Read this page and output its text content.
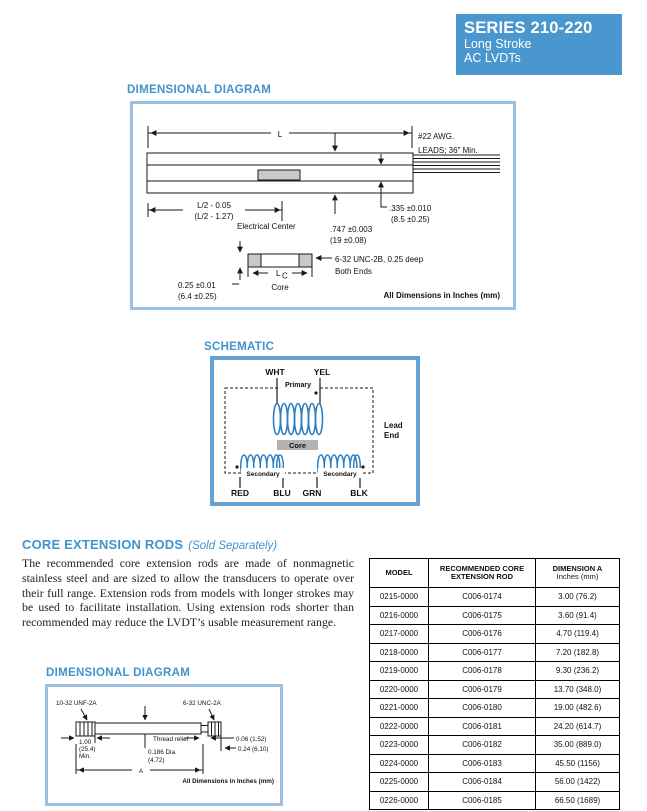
SERIES 210-220
Long Stroke
AC LVDTs
DIMENSIONAL DIAGRAM
L	#22 AWG.
LEADS; 36" Min.
.747 ±0.003
(19 ±0.08)
.335 ±0.010
(8.5 ±0.25)
L/2 - 0.05
(L/2 - 1.27)
Electrical Center
0.25 ±0.01
(6.4 ±0.25)
L C
Core
6-32 UNC-2B, 0.25 deep
Both Ends
All Dimensions in Inches (mm)
SCHEMATIC
WHT	YEL
Primary
Core
Secondary	Secondary
RED	BLU GRN	BLK
Lead
End
CORE EXTENSION RODS (Sold Separately)
The recommended core extension rods are made of nonmagnetic stainless steel and are sized to allow the transducers to operate over their full range. Extension rods from models with longer strokes may be used to facilitate installation. Using extension rods shorter than recommended may reduce the LVDT’s usable measurement range.
MODEL	RECOMMENDED CORE
EXTENSION ROD

DIMENSION A
Inches (mm)

0215-0000	C006-0174	3.00 (76.2)
0216-0000	C006-0175	3.60 (91.4)
0217-0000	C006-0176	4.70 (119.4)
0218-0000	C006-0177	7.20 (182.8)
0219-0000	C006-0178	9.30 (236.2)
0220-0000	C006-0179	13.70 (348.0)
0221-0000	C006-0180	19.00 (482.6)
0222-0000	C006-0181	24.20 (614.7)
0223-0000	C006-0182	35.00 (889.0)
0224-0000	C006-0183	45.50 (1156)
0225-0000	C006-0184	56.00 (1422)
0226-0000	C006-0185	66.50 (1689)
DIMENSIONAL DIAGRAM
10-32 UNF-2A	6-32 UNC-2A
1.00
(25.4)
Min.
Thread relief
0.186 Dia.
(4.72)
0.06 (1.52)
0.24 (6.10)
A
All Dimensions in Inches (mm)
